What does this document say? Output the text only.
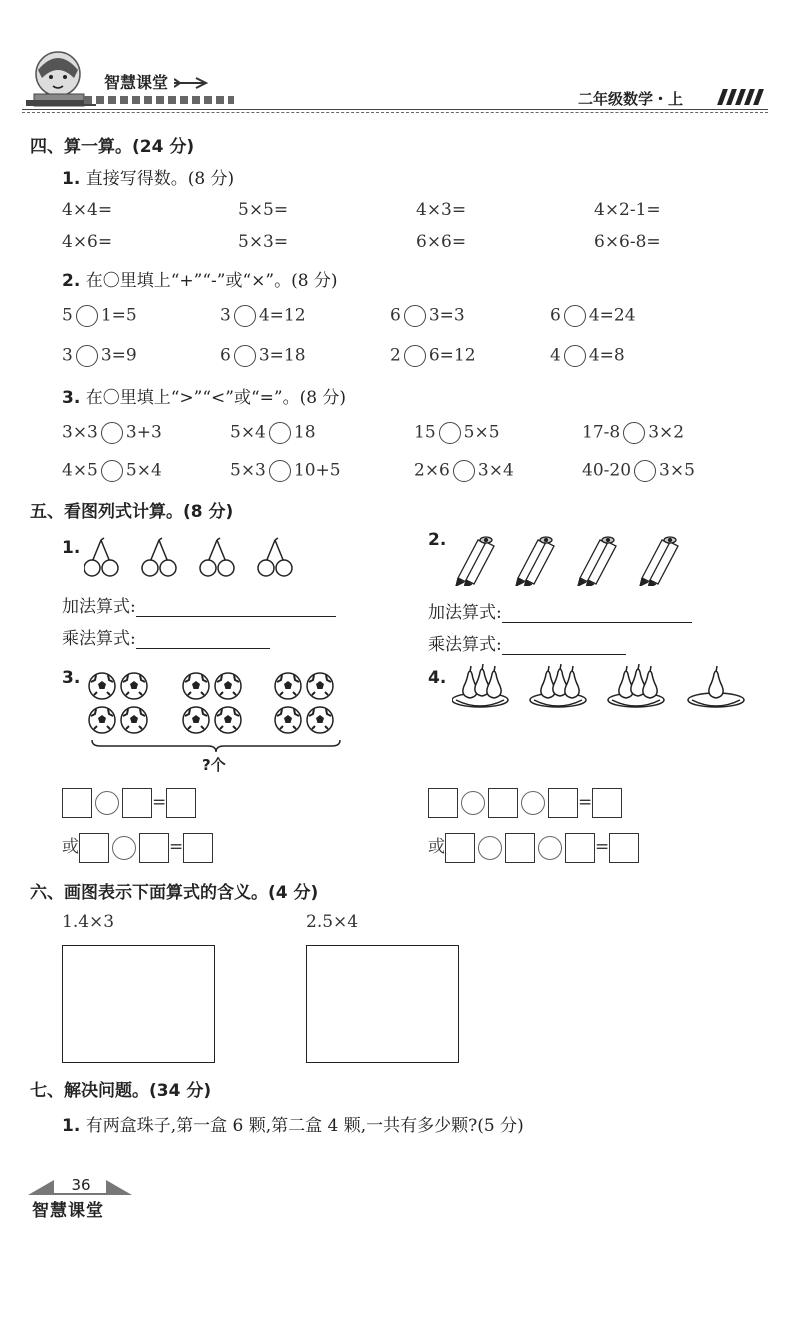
智慧课堂
二年级数学・上
四、算一算。(24 分)
1. 直接写得数。(8 分)
4×4=	5×5=	4×3=	4×2-1=
4×6=	5×3=	6×6=	6×6-8=
2. 在〇里填上“+”“-”或“×”。(8 分)
5 1=5	3 4=12	6 3=3	6 4=24
3 3=9	6 3=18	2 6=12	4 4=8
3. 在〇里填上“>”“<”或“=”。(8 分)
3×3 3+3	5×4 18	15 5×5	17-8 3×2
4×5 5×4	5×3 10+5	2×6 3×4	40-20 3×5
五、看图列式计算。(8 分)
1.
加法算式:
乘法算式:
2.
加法算式:
乘法算式:
3.
?个
=
或	=
4.
=
或	=
六、画图表示下面算式的含义。(4 分)
1.4×3	2.5×4
七、解决问题。(34 分)
1. 有两盒珠子,第一盒 6 颗,第二盒 4 颗,一共有多少颗?(5 分)
36
智慧课堂
